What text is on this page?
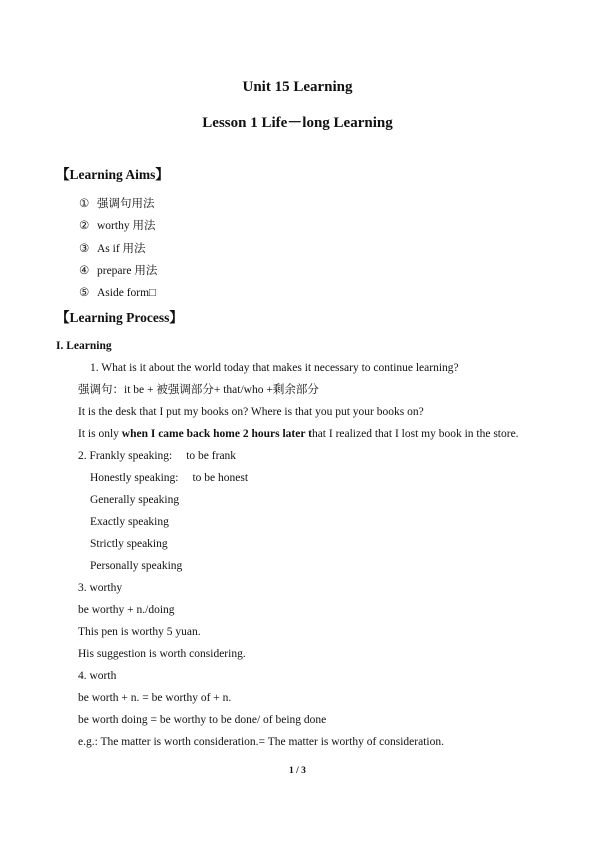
Unit 15 Learning
Lesson 1 Life－long Learning
【Learning Aims】
① 强调句用法
② worthy 用法
③ As if 用法
④ prepare 用法
⑤ Aside form□
【Learning Process】
I. Learning
1. What is it about the world today that makes it necessary to continue learning?
强调句：it be + 被强调部分+ that/who +剩余部分
It is the desk that I put my books on? Where is that you put your books on?
It is only when I came back home 2 hours later that I realized that I lost my book in the store.
2. Frankly speaking: to be frank
Honestly speaking: to be honest
Generally speaking
Exactly speaking
Strictly speaking
Personally speaking
3. worthy
be worthy + n./doing
This pen is worthy 5 yuan.
His suggestion is worth considering.
4. worth
be worth + n. = be worthy of + n.
be worth doing = be worthy to be done/ of being done
e.g.: The matter is worth consideration.= The matter is worthy of consideration.
1 / 3
